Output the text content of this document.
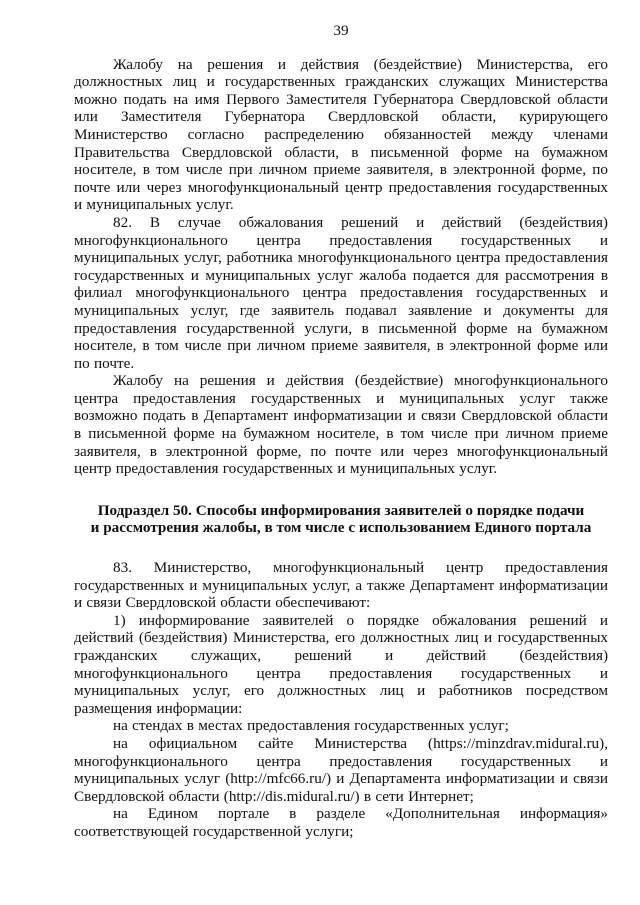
39

Жалобу на решения и действия (бездействие) Министерства, его должностных лиц и государственных гражданских служащих Министерства можно подать на имя Первого Заместителя Губернатора Свердловской области или Заместителя Губернатора Свердловской области, курирующего Министерство согласно распределению обязанностей между членами Правительства Свердловской области, в письменной форме на бумажном носителе, в том числе при личном приеме заявителя, в электронной форме, по почте или через многофункциональный центр предоставления государственных и муниципальных услуг.

82. В случае обжалования решений и действий (бездействия) многофункционального центра предоставления государственных и муниципальных услуг, работника многофункционального центра предоставления государственных и муниципальных услуг жалоба подается для рассмотрения в филиал многофункционального центра предоставления государственных и муниципальных услуг, где заявитель подавал заявление и документы для предоставления государственной услуги, в письменной форме на бумажном носителе, в том числе при личном приеме заявителя, в электронной форме или по почте.

Жалобу на решения и действия (бездействие) многофункционального центра предоставления государственных и муниципальных услуг также возможно подать в Департамент информатизации и связи Свердловской области в письменной форме на бумажном носителе, в том числе при личном приеме заявителя, в электронной форме, по почте или через многофункциональный центр предоставления государственных и муниципальных услуг.

Подраздел 50. Способы информирования заявителей о порядке подачи
и рассмотрения жалобы, в том числе с использованием Единого портала

83. Министерство, многофункциональный центр предоставления государственных и муниципальных услуг, а также Департамент информатизации и связи Свердловской области обеспечивают:

1) информирование заявителей о порядке обжалования решений и действий (бездействия) Министерства, его должностных лиц и государственных гражданских служащих, решений и действий (бездействия) многофункционального центра предоставления государственных и муниципальных услуг, его должностных лиц и работников посредством размещения информации:

на стендах в местах предоставления государственных услуг;

на официальном сайте Министерства (https://minzdrav.midural.ru), многофункционального центра предоставления государственных и муниципальных услуг (http://mfc66.ru/) и Департамента информатизации и связи Свердловской области (http://dis.midural.ru/) в сети Интернет;

на Едином портале в разделе «Дополнительная информация» соответствующей государственной услуги;
